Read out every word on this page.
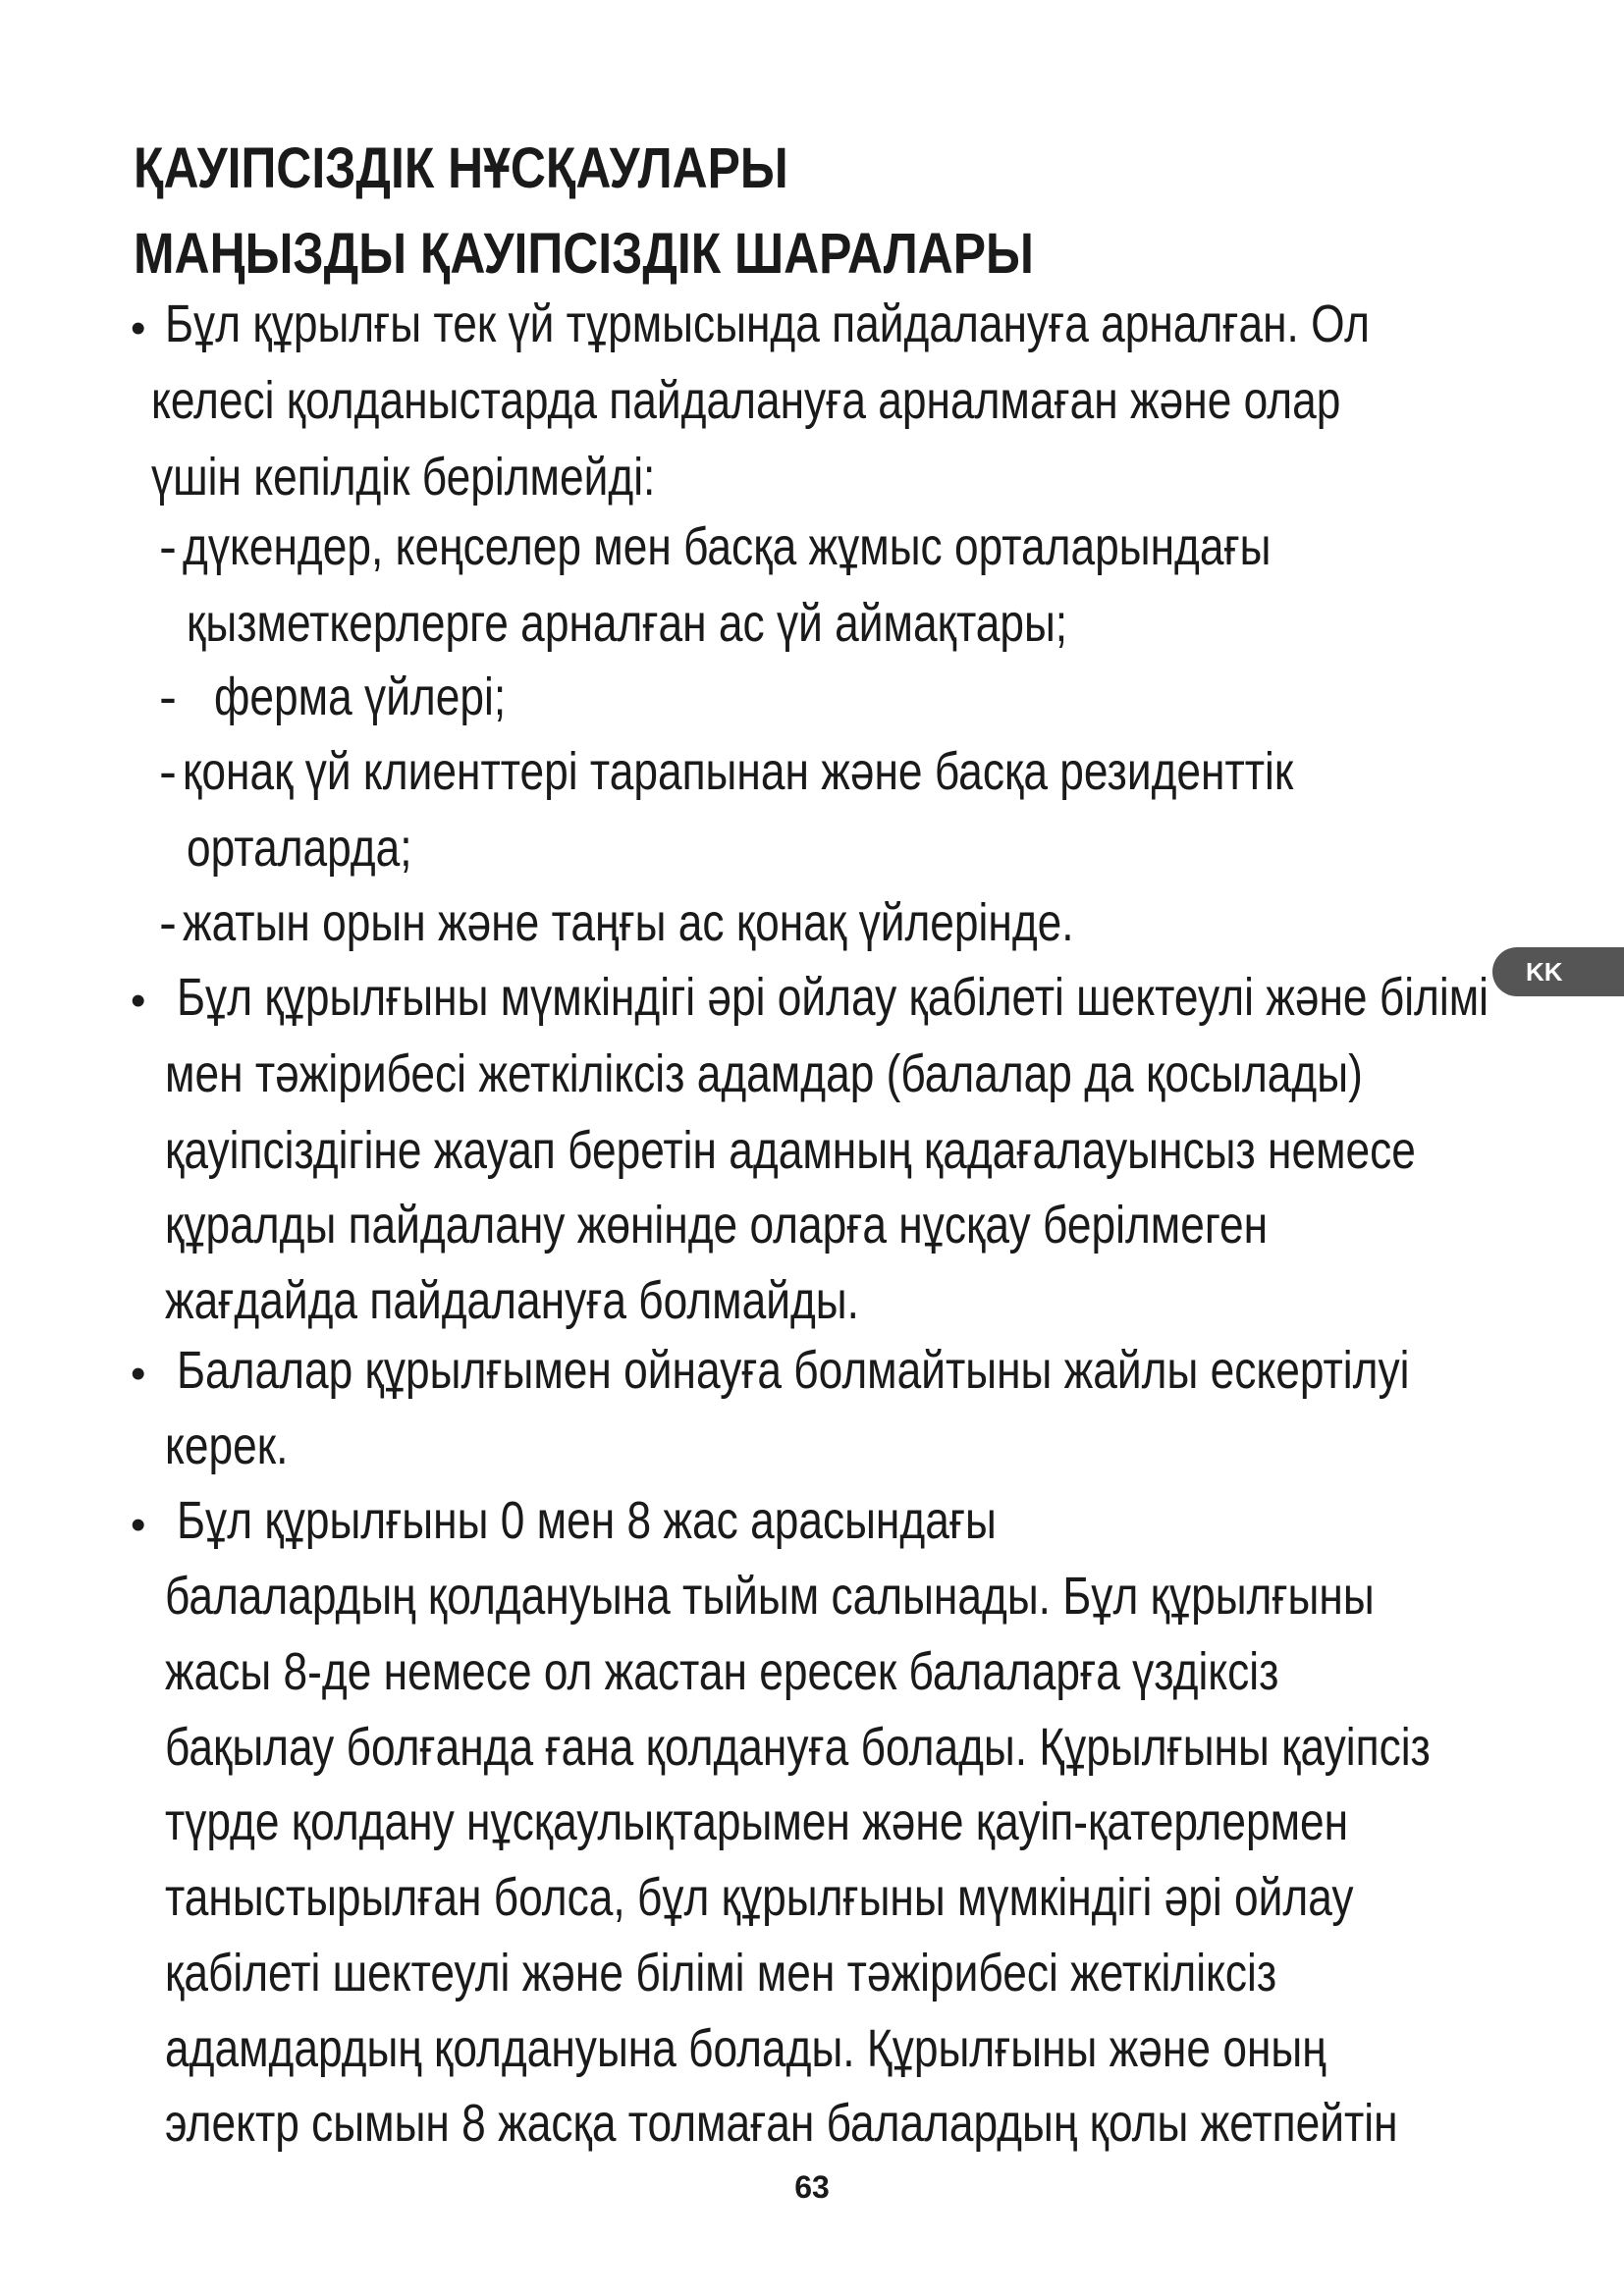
ҚАУІПСІЗДІК НҰСҚАУЛАРЫ
МАҢЫЗДЫ ҚАУІПСІЗДІК ШАРАЛАРЫ
• Бұл құрылғы тек үй тұрмысында пайдалануға арналған. Ол
келесі қолданыстарда пайдалануға арналмаған және олар
үшін кепілдік берілмейді:
- дүкендер, кеңселер мен басқа жұмыс орталарындағы
қызметкерлерге арналған ас үй аймақтары;
- ферма үйлері;
- қонақ үй клиенттері тарапынан және басқа резиденттік
орталарда;
- жатын орын және таңғы ас қонақ үйлерінде.
KK
• Бұл құрылғыны мүмкіндігі әрі ойлау қабілеті шектеулі және білімі
мен тәжірибесі жеткіліксіз адамдар (балалар да қосылады)
қауіпсіздігіне жауап беретін адамның қадағалауынсыз немесе
құралды пайдалану жөнінде оларға нұсқау берілмеген
жағдайда пайдалануға болмайды.
• Балалар құрылғымен ойнауға болмайтыны жайлы ескертілуі
керек.
• Бұл құрылғыны 0 мен 8 жас арасындағы
балалардың қолдануына тыйым салынады. Бұл құрылғыны
жасы 8-де немесе ол жастан ересек балаларға үздіксіз
бақылау болғанда ғана қолдануға болады. Құрылғыны қауіпсіз
түрде қолдану нұсқаулықтарымен және қауіп-қатерлермен
таныстырылған болса, бұл құрылғыны мүмкіндігі әрі ойлау
қабілеті шектеулі және білімі мен тәжірибесі жеткіліксіз
адамдардың қолдануына болады. Құрылғыны және оның
электр сымын 8 жасқа толмаған балалардың қолы жетпейтін
63
